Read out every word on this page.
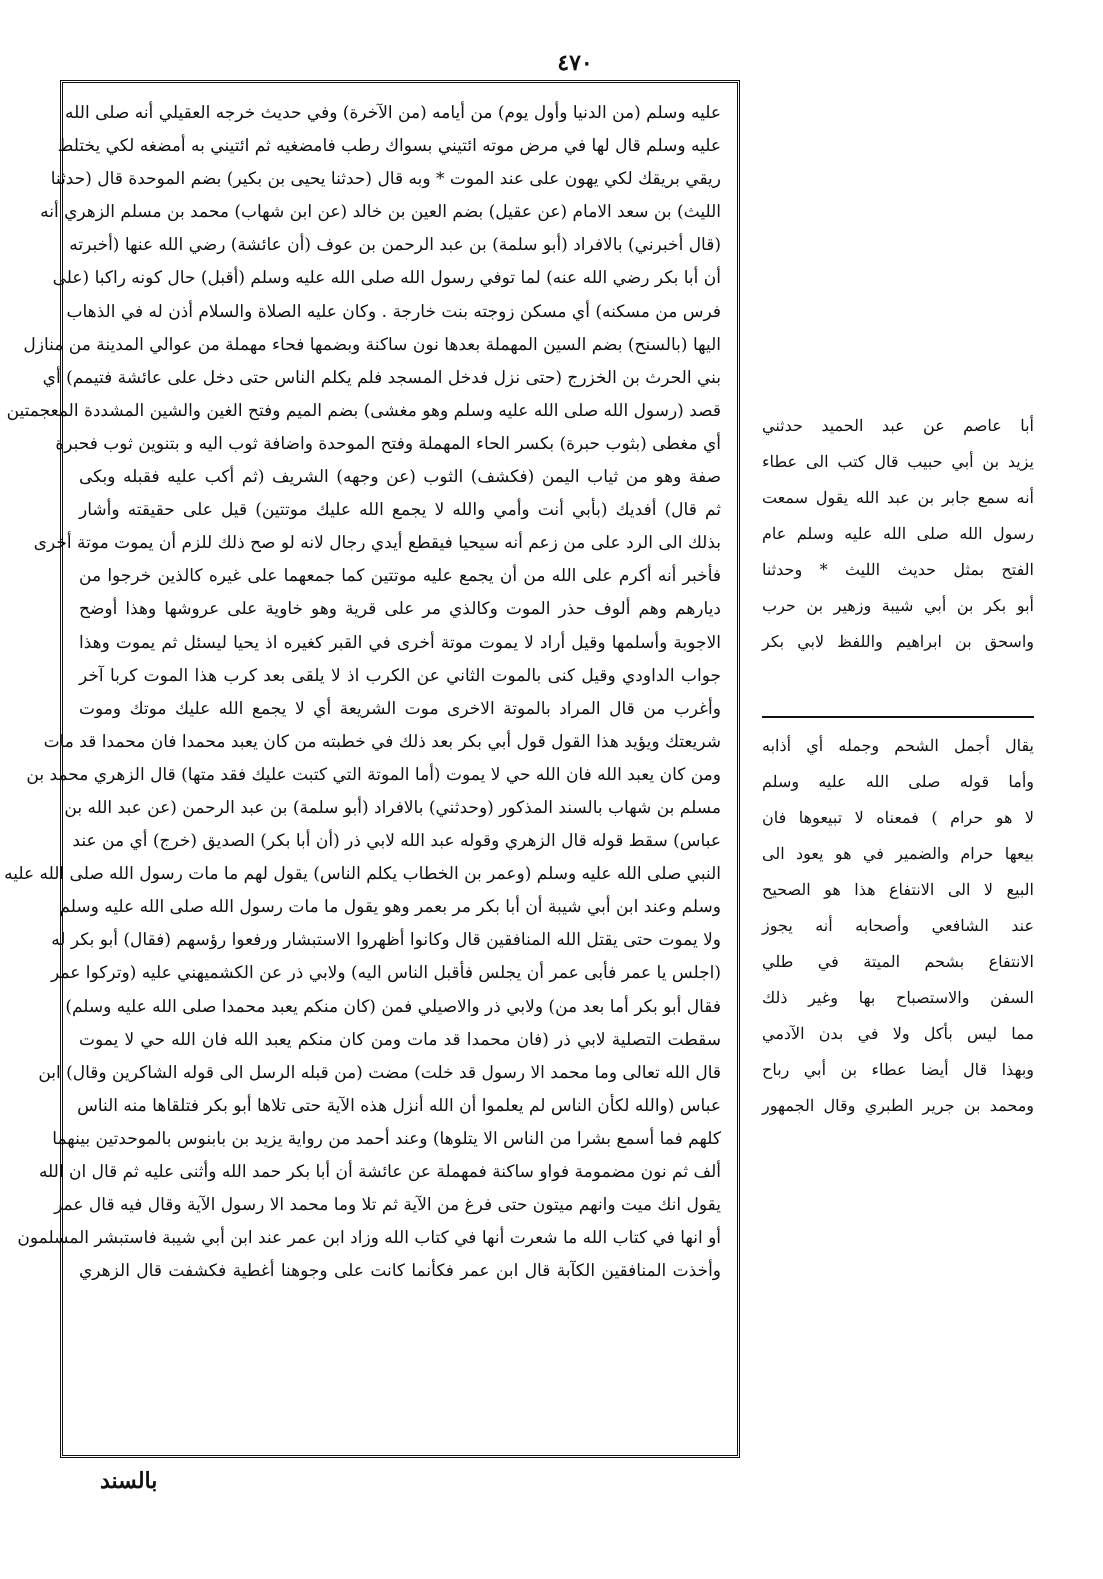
٤٧٠
عليه وسلم (من الدنيا وأول يوم) من أيامه (من الآخرة) وفي حديث خرجه العقيلي أنه صلى الله
عليه وسلم قال لها في مرض موته ائتيني بسواك رطب فامضغيه ثم ائتيني به أمضغه لكي يختلط
ريقي بريقك لكي يهون على عند الموت * وبه قال (حدثنا يحيى بن بكير) بضم الموحدة قال (حدثنا
الليث) بن سعد الامام (عن عقيل) بضم العين بن خالد (عن ابن شهاب) محمد بن مسلم الزهري أنه
(قال أخبرني) بالافراد (أبو سلمة) بن عبد الرحمن بن عوف (أن عائشة) رضي الله عنها (أخبرته
أن أبا بكر رضي الله عنه) لما توفي رسول الله صلى الله عليه وسلم (أقبل) حال كونه راكبا (على
فرس من مسكنه) أي مسكن زوجته بنت خارجة . وكان عليه الصلاة والسلام أذن له في الذهاب
اليها (بالسنح) بضم السين المهملة بعدها نون ساكنة وبضمها فحاء مهملة من عوالي المدينة من منازل
بني الحرث بن الخزرج (حتى نزل فدخل المسجد فلم يكلم الناس حتى دخل على عائشة فتيمم) أي
قصد (رسول الله صلى الله عليه وسلم وهو مغشى) بضم الميم وفتح الغين والشين المشددة المعجمتين
أي مغطى (بثوب حبرة) بكسر الحاء المهملة وفتح الموحدة واضافة ثوب اليه و بتنوين ثوب فحبرة
صفة وهو من ثياب اليمن (فكشف) الثوب (عن وجهه) الشريف (ثم أكب عليه فقبله وبكى
ثم قال) أفديك (بأبي أنت وأمي والله لا يجمع الله عليك موتتين) قيل على حقيقته وأشار
بذلك الى الرد على من زعم أنه سيحيا فيقطع أيدي رجال لانه لو صح ذلك للزم أن يموت موتة أخرى
فأخبر أنه أكرم على الله من أن يجمع عليه موتتين كما جمعهما على غيره كالذين خرجوا من
ديارهم وهم ألوف حذر الموت وكالذي مر على قرية وهو خاوية على عروشها وهذا أوضح
الاجوبة وأسلمها وقيل أراد لا يموت موتة أخرى في القبر كغيره اذ يحيا ليسئل ثم يموت وهذا
جواب الداودي وقيل كنى بالموت الثاني عن الكرب اذ لا يلقى بعد كرب هذا الموت كربا آخر
وأغرب من قال المراد بالموتة الاخرى موت الشريعة أي لا يجمع الله عليك موتك وموت
شريعتك ويؤيد هذا القول قول أبي بكر بعد ذلك في خطبته من كان يعبد محمدا فان محمدا قد مات
ومن كان يعبد الله فان الله حي لا يموت (أما الموتة التي كتبت عليك فقد متها) قال الزهري محمد بن
مسلم بن شهاب بالسند المذكور (وحدثني) بالافراد (أبو سلمة) بن عبد الرحمن (عن عبد الله بن
عباس) سقط قوله قال الزهري وقوله عبد الله لابي ذر (أن أبا بكر) الصديق (خرج) أي من عند
النبي صلى الله عليه وسلم (وعمر بن الخطاب يكلم الناس) يقول لهم ما مات رسول الله صلى الله عليه
وسلم وعند ابن أبي شيبة أن أبا بكر مر بعمر وهو يقول ما مات رسول الله صلى الله عليه وسلم
ولا يموت حتى يقتل الله المنافقين قال وكانوا أظهروا الاستبشار ورفعوا رؤسهم (فقال) أبو بكر له
(اجلس يا عمر فأبى عمر أن يجلس فأقبل الناس اليه) ولابي ذر عن الكشميهني عليه (وتركوا عمر
فقال أبو بكر أما بعد من) ولابي ذر والاصيلي فمن (كان منكم يعبد محمدا صلى الله عليه وسلم)
سقطت التصلية لابي ذر (فان محمدا قد مات ومن كان منكم يعبد الله فان الله حي لا يموت
قال الله تعالى وما محمد الا رسول قد خلت) مضت (من قبله الرسل الى قوله الشاكرين وقال) ابن
عباس (والله لكأن الناس لم يعلموا أن الله أنزل هذه الآية حتى تلاها أبو بكر فتلقاها منه الناس
كلهم فما أسمع بشرا من الناس الا يتلوها) وعند أحمد من رواية يزيد بن بابنوس بالموحدتين بينهما
ألف ثم نون مضمومة فواو ساكنة فمهملة عن عائشة أن أبا بكر حمد الله وأثنى عليه ثم قال ان الله
يقول انك ميت وانهم ميتون حتى فرغ من الآية ثم تلا وما محمد الا رسول الآية وقال فيه قال عمر
أو انها في كتاب الله ما شعرت أنها في كتاب الله وزاد ابن عمر عند ابن أبي شيبة فاستبشر المسلمون
وأخذت المنافقين الكآبة قال ابن عمر فكأنما كانت على وجوهنا أغطية فكشفت قال الزهري
أبا عاصم عن عبد الحميد حدثني
يزيد بن أبي حبيب قال كتب الى عطاء
أنه سمع جابر بن عبد الله يقول سمعت
رسول الله صلى الله عليه وسلم عام
الفتح بمثل حديث الليث * وحدثنا
أبو بكر بن أبي شيبة وزهير بن حرب
واسحق بن ابراهيم واللفظ لابي بكر
يقال أجمل الشحم وجمله أي أذابه
وأما قوله صلى الله عليه وسلم
لا هو حرام ) فمعناه لا تبيعوها فان
بيعها حرام والضمير في هو يعود الى
البيع لا الى الانتفاع هذا هو الصحيح
عند الشافعي وأصحابه أنه يجوز
الانتفاع بشحم الميتة في طلي
السفن والاستصباح بها وغير ذلك
مما ليس بأكل ولا في بدن الآدمي
وبهذا قال أيضا عطاء بن أبي رباح
ومحمد بن جرير الطبري وقال الجمهور
بالسند
